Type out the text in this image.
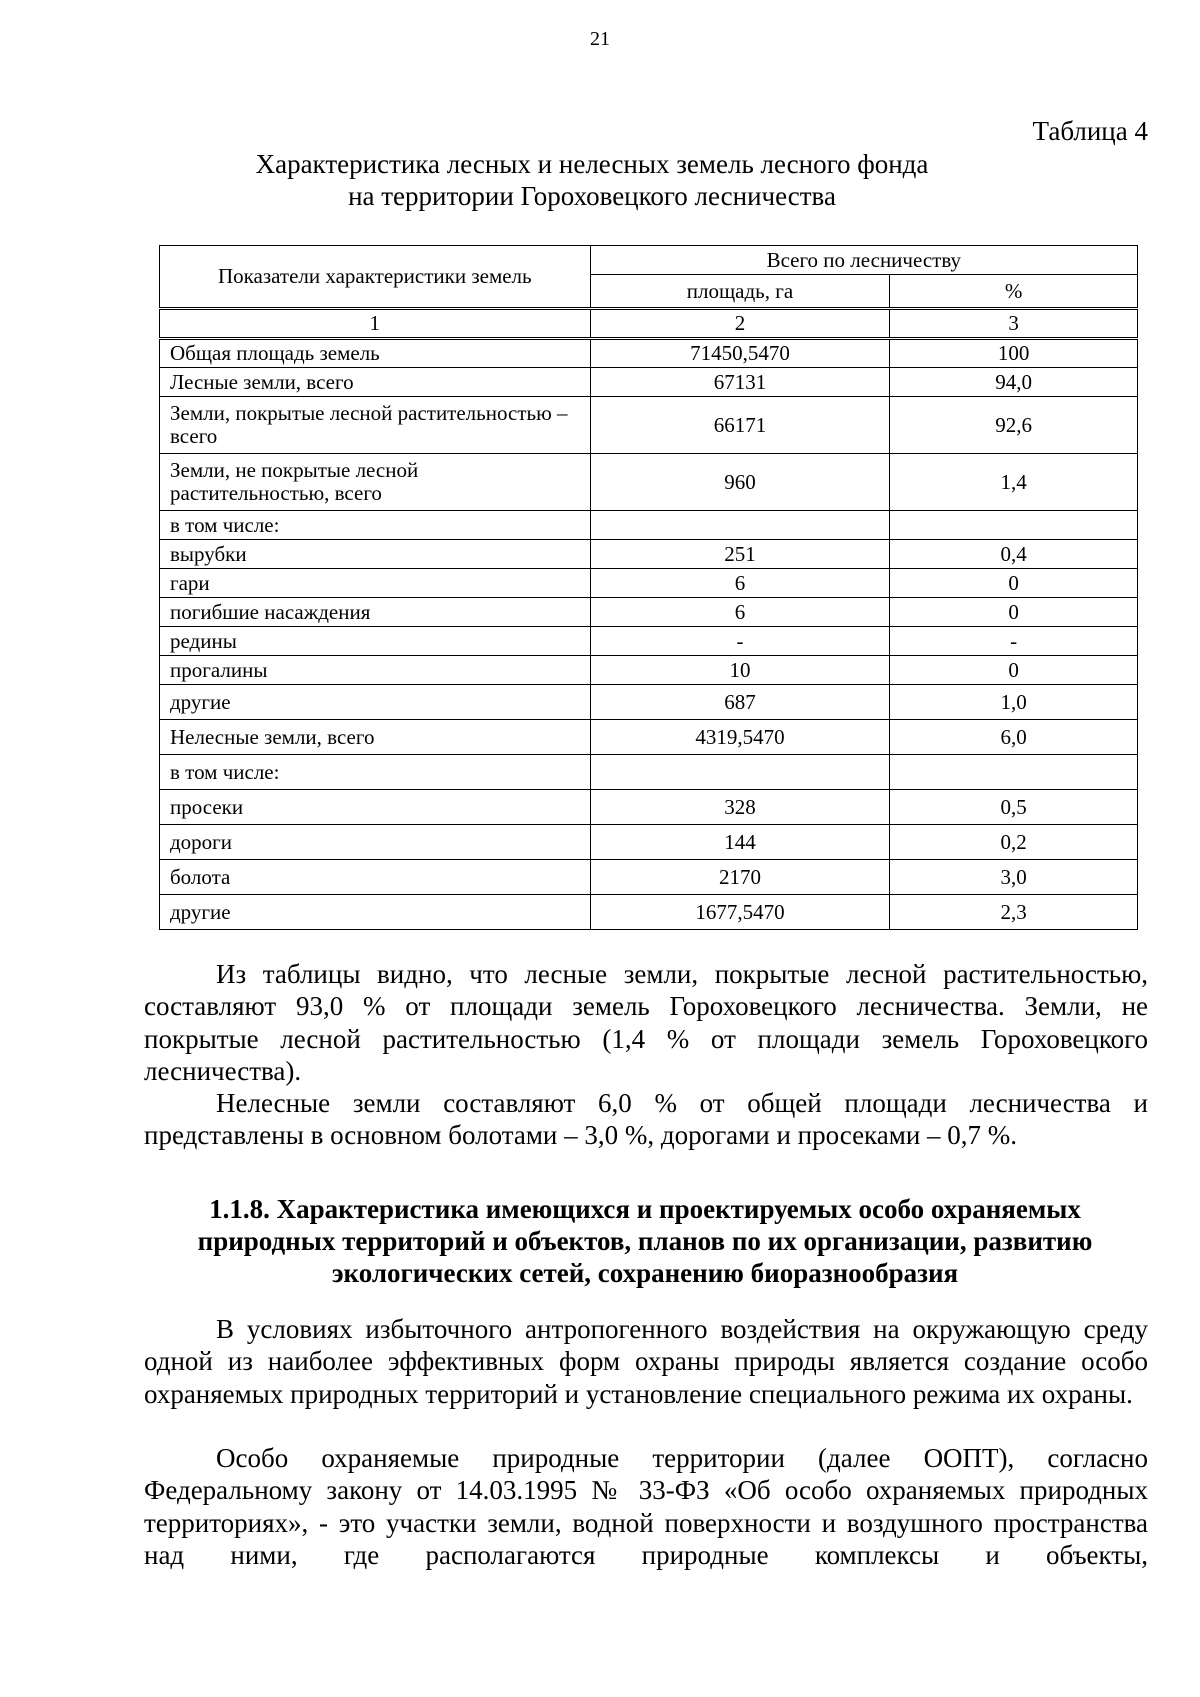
21
Таблица 4
Характеристика лесных и нелесных земель лесного фонда
на территории Гороховецкого лесничества
Показатели характеристики земель	Всего по лесничеству	
	площадь, га	%
1	2	3
Общая площадь земель	71450,5470	100
Лесные земли, всего	67131	94,0
Земли, покрытые лесной растительностью – всего	66171	92,6
Земли, не покрытые лесной растительностью, всего	960	1,4
в том числе:		
вырубки	251	0,4
гари	6	0
погибшие насаждения	6	0
редины	-	-
прогалины	10	0
другие	687	1,0
Нелесные земли, всего	4319,5470	6,0
в том числе:		
просеки	328	0,5
дороги	144	0,2
болота	2170	3,0
другие	1677,5470	2,3

Из таблицы видно, что лесные земли, покрытые лесной растительностью, составляют 93,0 % от площади земель Гороховецкого лесничества. Земли, не покрытые лесной растительностью (1,4 % от площади земель Гороховецкого лесничества).

Нелесные земли составляют 6,0 % от общей площади лесничества и представлены в основном болотами – 3,0 %, дорогами и просеками – 0,7 %.

1.1.8. Характеристика имеющихся и проектируемых особо охраняемых природных территорий и объектов, планов по их организации, развитию экологических сетей, сохранению биоразнообразия

В условиях избыточного антропогенного воздействия на окружающую среду одной из наиболее эффективных форм охраны природы является создание особо охраняемых природных территорий и установление специального режима их охраны.

Особо охраняемые природные территории (далее ООПТ), согласно Федеральному закону от 14.03.1995 № 33-ФЗ «Об особо охраняемых природных территориях», - это участки земли, водной поверхности и воздушного пространства над ними, где располагаются природные комплексы и объекты,
